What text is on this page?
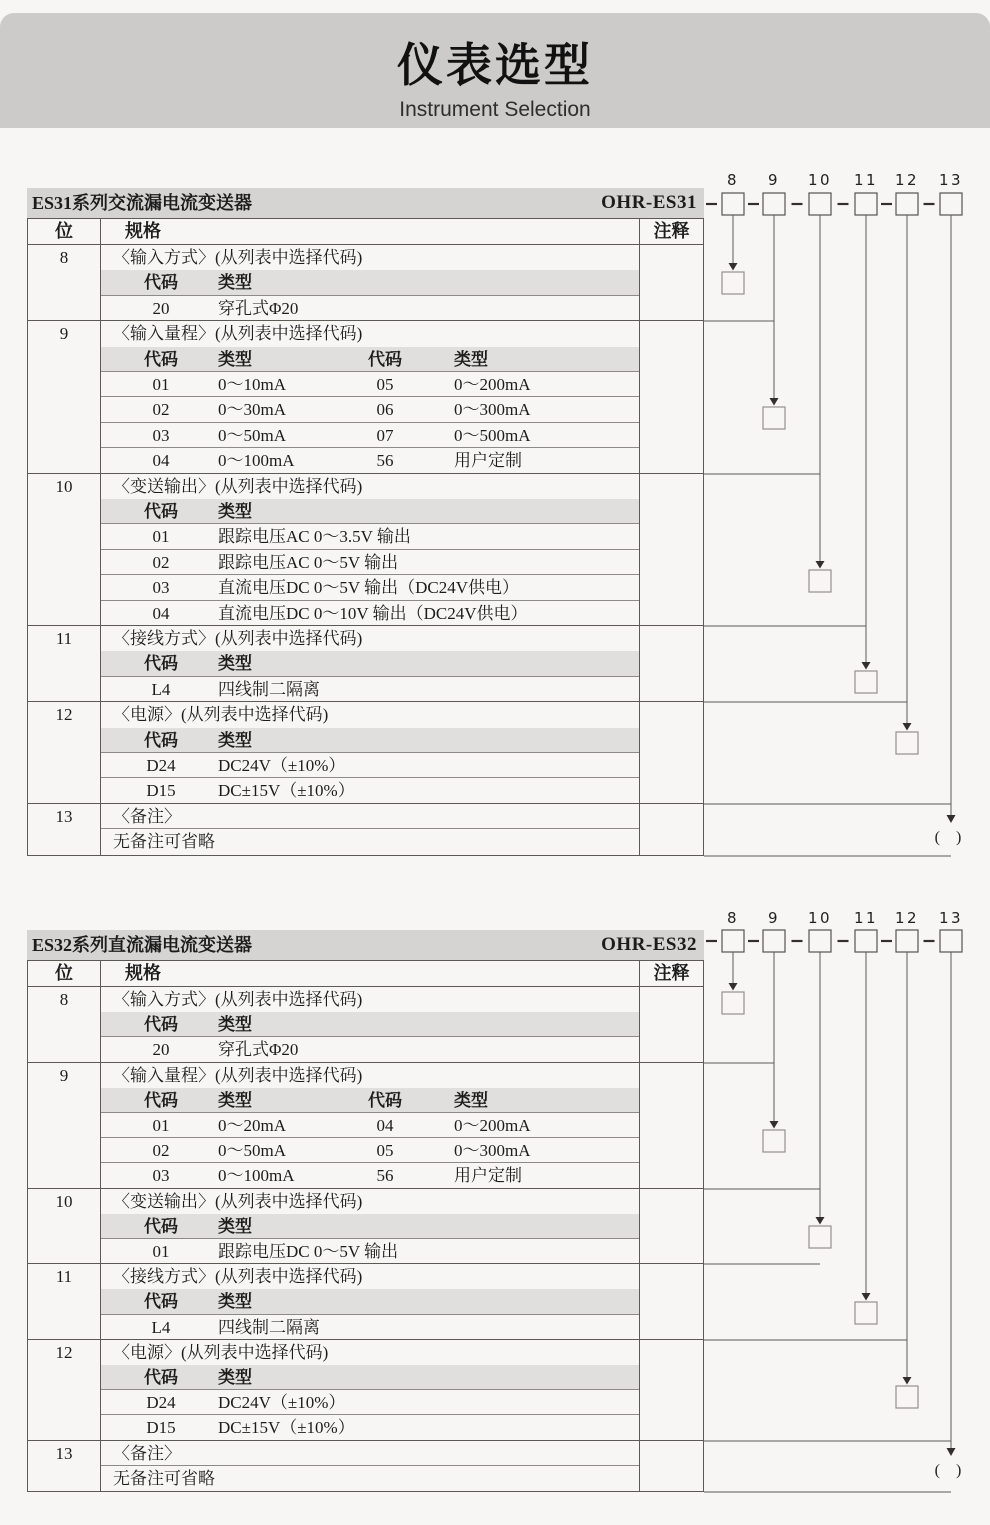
仪表选型
Instrument Selection
ES31系列交流漏电流变送器	OHR-ES31
位	规格	注释
8	〈输入方式〉(从列表中选择代码)
代码	类型
20	穿孔式Φ20
9	〈输入量程〉(从列表中选择代码)
代码	类型	代码	类型
01	0～10mA	05	0～200mA
02	0～30mA	06	0～300mA
03	0～50mA	07	0～500mA
04	0～100mA	56	用户定制
10	〈变送输出〉(从列表中选择代码)
代码	类型
01	跟踪电压AC 0～3.5V 输出
02	跟踪电压AC 0～5V 输出
03	直流电压DC 0～5V 输出（DC24V供电）
04	直流电压DC 0～10V 输出（DC24V供电）
11	〈接线方式〉(从列表中选择代码)
代码	类型
L4	四线制二隔离
12	〈电源〉(从列表中选择代码)
代码	类型
D24	DC24V（±10%）
D15	DC±15V（±10%）
13	〈备注〉
无备注可省略
ES32系列直流漏电流变送器	OHR-ES32
位	规格	注释
8	〈输入方式〉(从列表中选择代码)
代码	类型
20	穿孔式Φ20
9	〈输入量程〉(从列表中选择代码)
代码	类型	代码	类型
01	0～20mA	04	0～200mA
02	0～50mA	05	0～300mA
03	0～100mA	56	用户定制
10	〈变送输出〉(从列表中选择代码)
代码	类型
01	跟踪电压DC 0～5V 输出
11	〈接线方式〉(从列表中选择代码)
代码	类型
L4	四线制二隔离
12	〈电源〉(从列表中选择代码)
代码	类型
D24	DC24V（±10%）
D15	DC±15V（±10%）
13	〈备注〉
无备注可省略
8 9 10 11 12 13
( )
8 9 10 11 12 13
( )
